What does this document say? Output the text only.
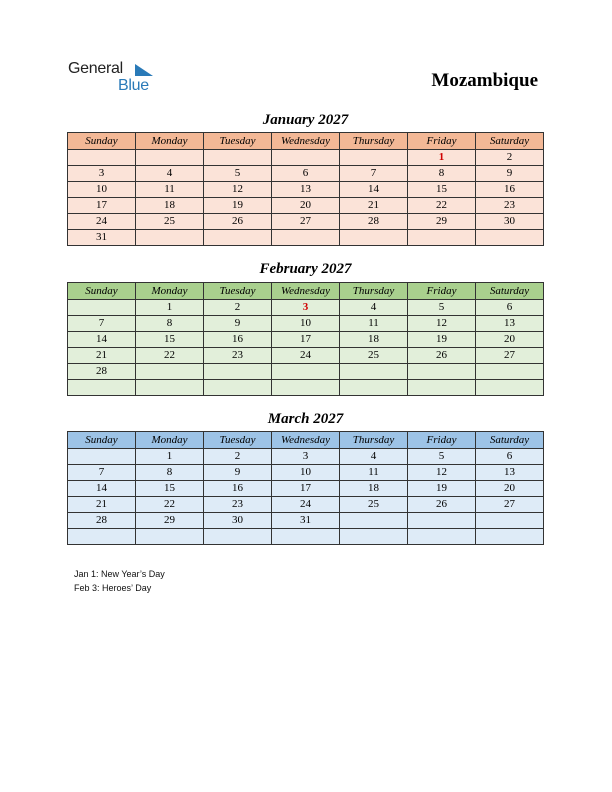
General
Blue	Mozambique
January 2027
Sunday	Monday	Tuesday	Wednesday	Thursday	Friday	Saturday
					1	2
3	4	5	6	7	8	9
10	11	12	13	14	15	16
17	18	19	20	21	22	23
24	25	26	27	28	29	30
31						
February 2027
Sunday	Monday	Tuesday	Wednesday	Thursday	Friday	Saturday
	1	2	3	4	5	6
7	8	9	10	11	12	13
14	15	16	17	18	19	20
21	22	23	24	25	26	27
28						

March 2027
Sunday	Monday	Tuesday	Wednesday	Thursday	Friday	Saturday
	1	2	3	4	5	6
7	8	9	10	11	12	13
14	15	16	17	18	19	20
21	22	23	24	25	26	27
28	29	30	31			

Jan 1: New Year’s Day
Feb 3: Heroes’ Day
